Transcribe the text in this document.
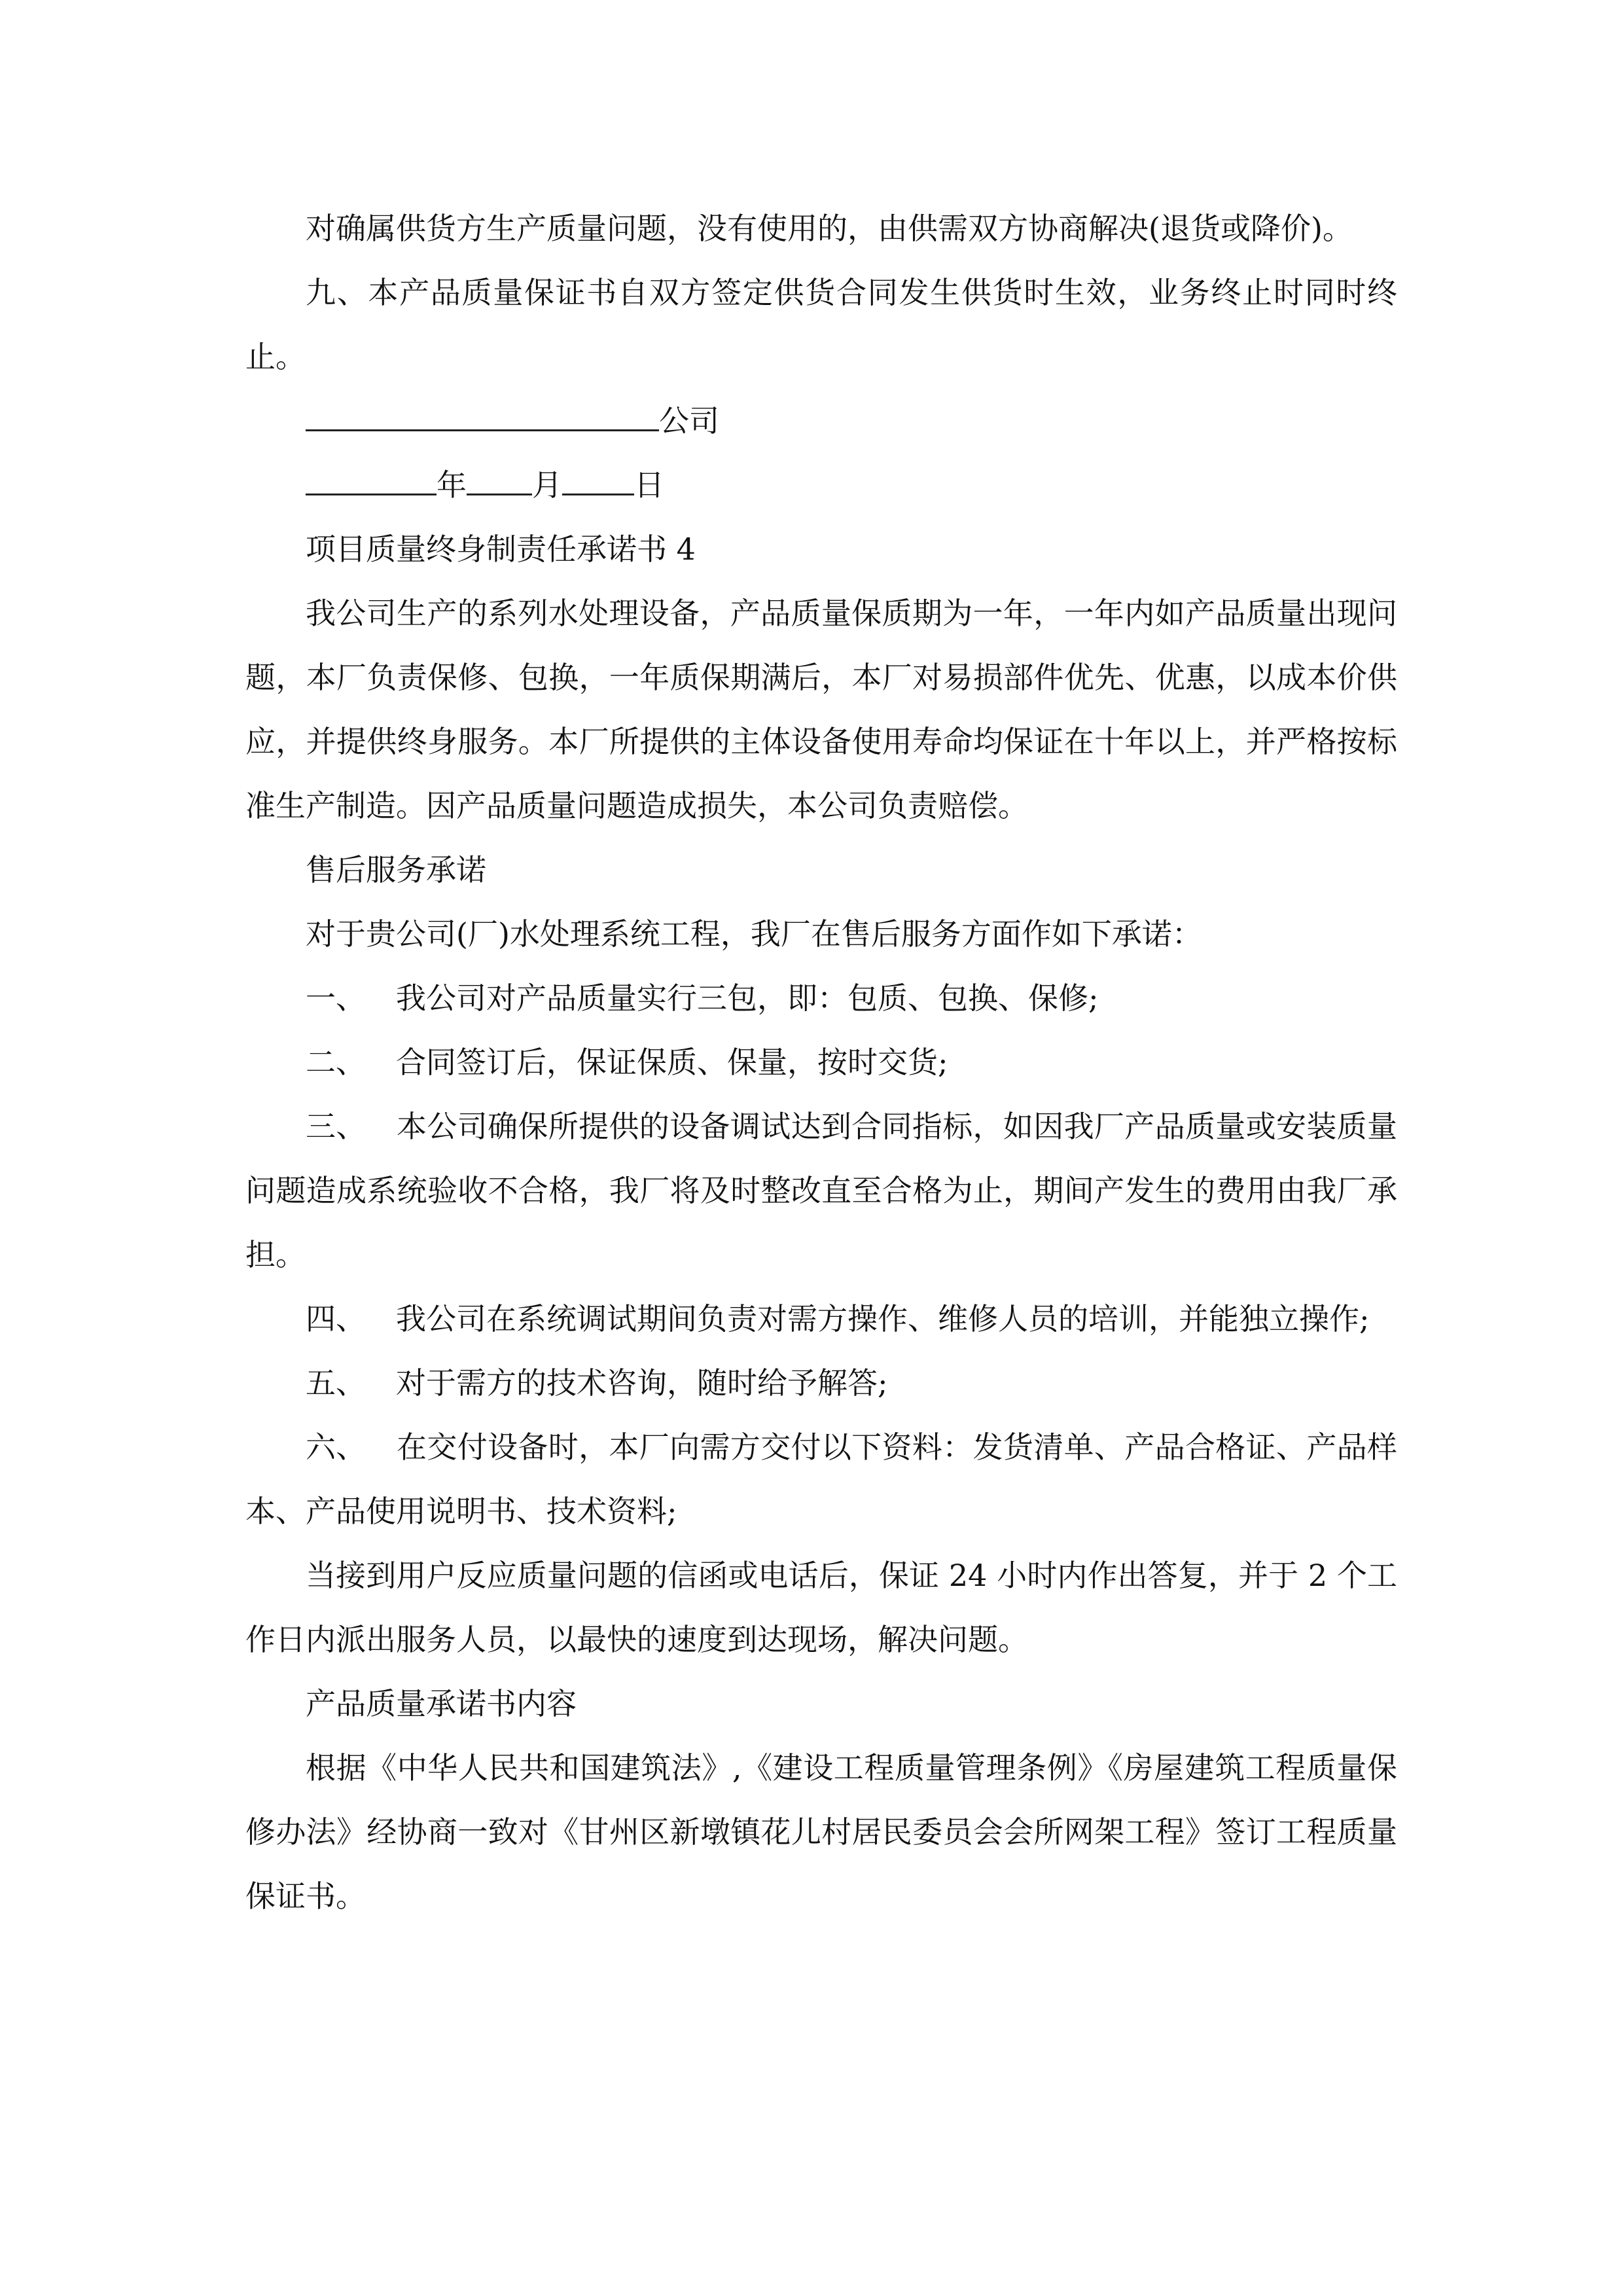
对确属供货方生产质量问题，没有使用的，由供需双方协商解决(退货或降价)。

九、本产品质量保证书自双方签定供货合同发生供货时生效，业务终止时同时终止。

公司

年 月 日

项目质量终身制责任承诺书 4

我公司生产的系列水处理设备，产品质量保质期为一年，一年内如产品质量出现问题，本厂负责保修、包换，一年质保期满后，本厂对易损部件优先、优惠，以成本价供应，并提供终身服务。本厂所提供的主体设备使用寿命均保证在十年以上，并严格按标准生产制造。因产品质量问题造成损失，本公司负责赔偿。

售后服务承诺

对于贵公司(厂)水处理系统工程，我厂在售后服务方面作如下承诺：

一、 我公司对产品质量实行三包，即：包质、包换、保修;

二、 合同签订后，保证保质、保量，按时交货;

三、 本公司确保所提供的设备调试达到合同指标，如因我厂产品质量或安装质量问题造成系统验收不合格，我厂将及时整改直至合格为止，期间产发生的费用由我厂承担。

四、 我公司在系统调试期间负责对需方操作、维修人员的培训，并能独立操作;

五、 对于需方的技术咨询，随时给予解答;

六、 在交付设备时，本厂向需方交付以下资料：发货清单、产品合格证、产品样本、产品使用说明书、技术资料;

当接到用户反应质量问题的信函或电话后，保证 24 小时内作出答复，并于 2 个工作日内派出服务人员，以最快的速度到达现场，解决问题。

产品质量承诺书内容

根据《中华人民共和国建筑法》,《建设工程质量管理条例》《房屋建筑工程质量保修办法》经协商一致对《甘州区新墩镇花儿村居民委员会会所网架工程》签订工程质量保证书。
